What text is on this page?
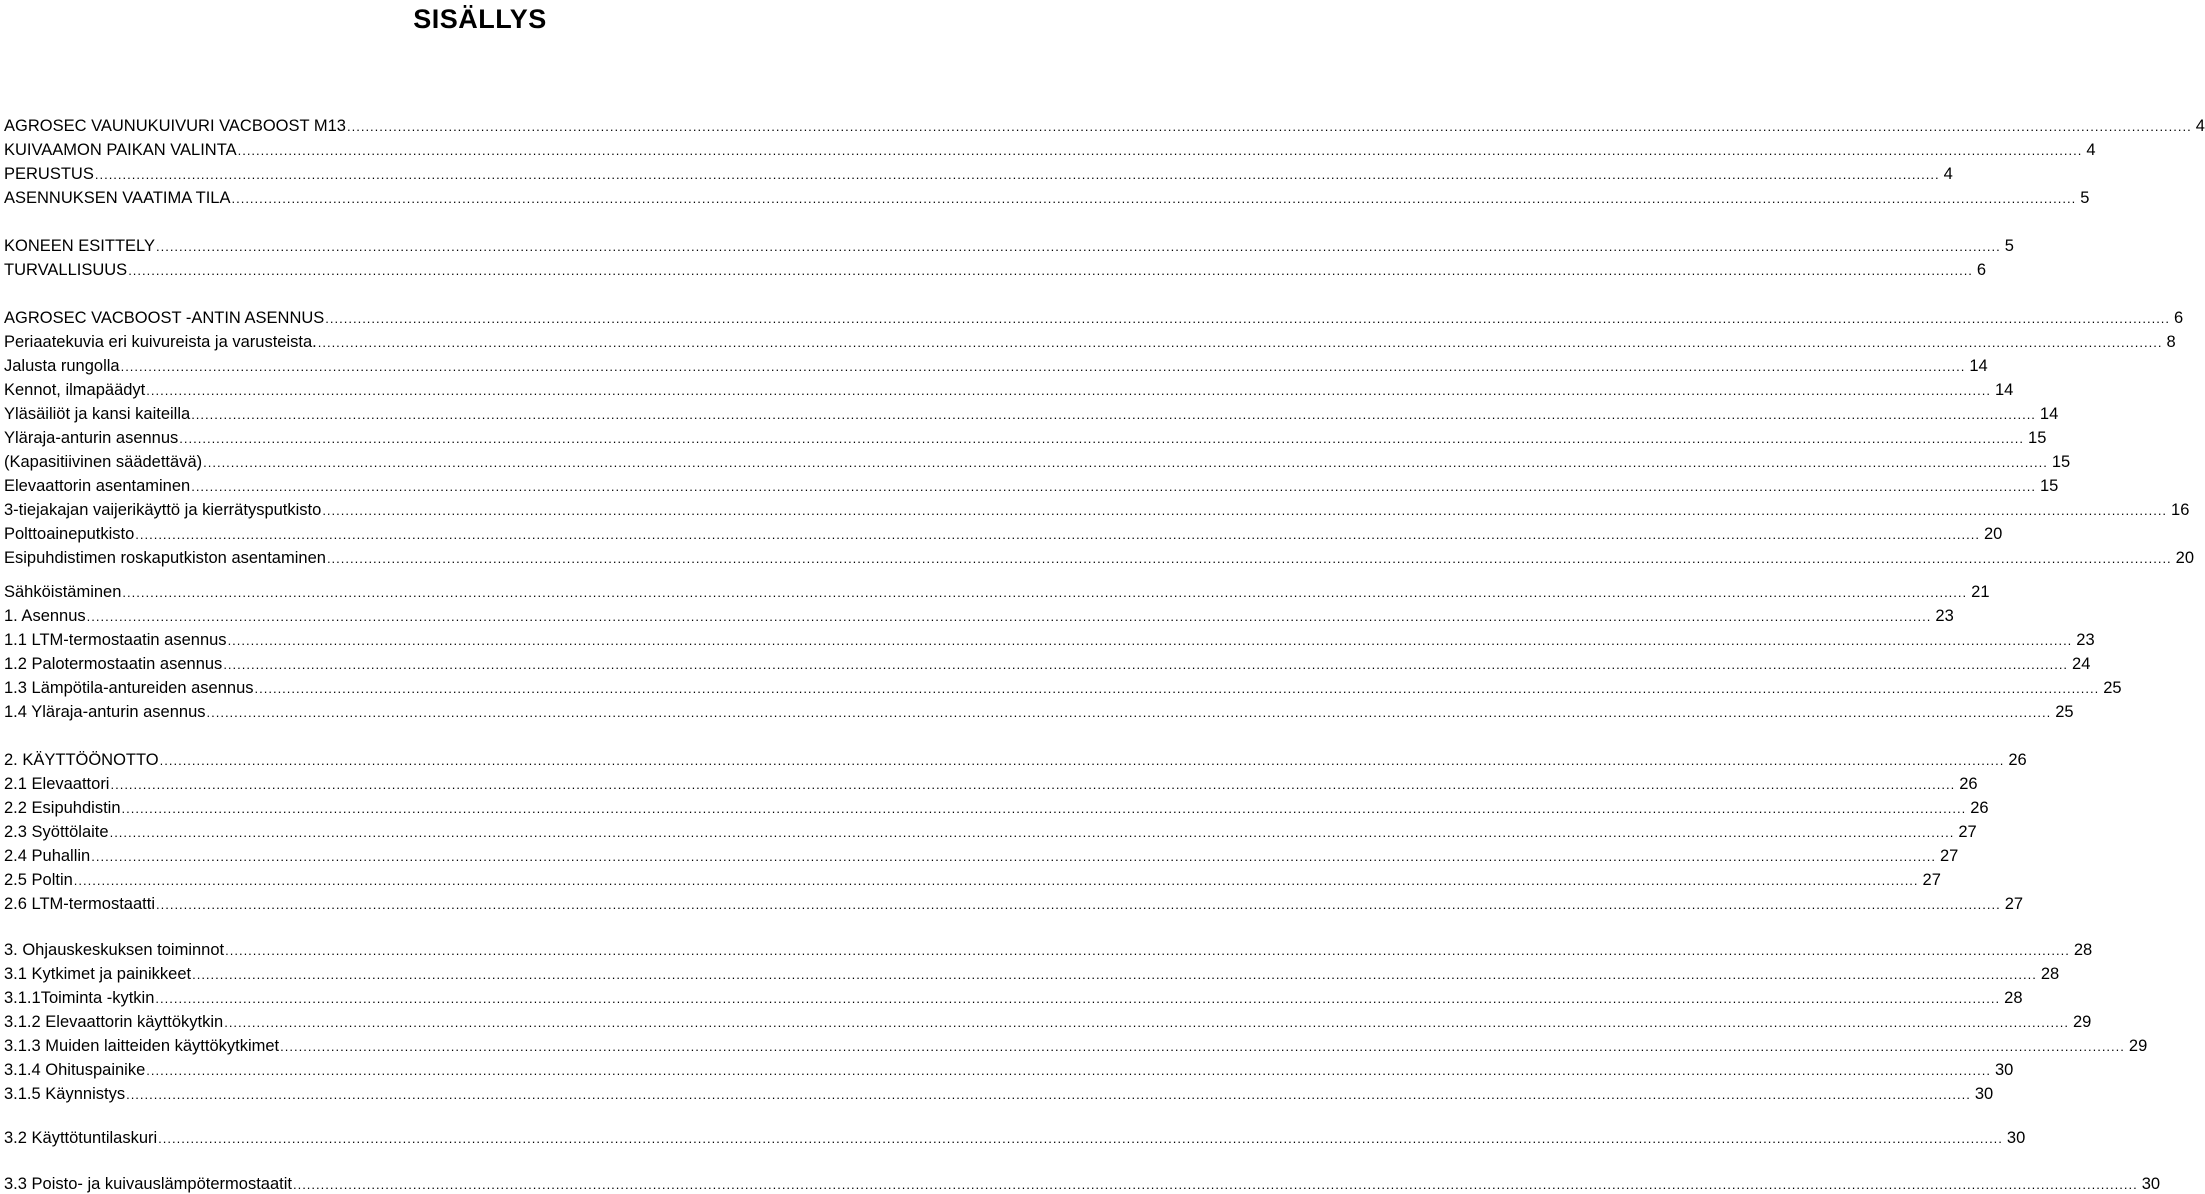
SISÄLLYS
AGROSEC VAUNUKUIVURI VACBOOST M13 ................................................................................................................................................................................................................................................................................................................................................................................................................ 4
KUIVAAMON PAIKAN VALINTA ................................................................................................................................................................................................................................................................................................................................................................................................................ 4
PERUSTUS ................................................................................................................................................................................................................................................................................................................................................................................................................ 4
ASENNUKSEN VAATIMA TILA ................................................................................................................................................................................................................................................................................................................................................................................................................ 5
KONEEN ESITTELY ................................................................................................................................................................................................................................................................................................................................................................................................................ 5
TURVALLISUUS ................................................................................................................................................................................................................................................................................................................................................................................................................ 6
AGROSEC VACBOOST -ANTIN ASENNUS ................................................................................................................................................................................................................................................................................................................................................................................................................ 6
Periaatekuvia eri kuivureista ja varusteista. ................................................................................................................................................................................................................................................................................................................................................................................................................ 8
Jalusta rungolla ................................................................................................................................................................................................................................................................................................................................................................................................................ 14
Kennot, ilmapäädyt ................................................................................................................................................................................................................................................................................................................................................................................................................ 14
Yläsäiliöt ja kansi kaiteilla ................................................................................................................................................................................................................................................................................................................................................................................................................ 14
Yläraja-anturin asennus ................................................................................................................................................................................................................................................................................................................................................................................................................ 15
(Kapasitiivinen säädettävä) ................................................................................................................................................................................................................................................................................................................................................................................................................ 15
Elevaattorin asentaminen ................................................................................................................................................................................................................................................................................................................................................................................................................ 15
3-tiejakajan vaijerikäyttö ja kierrätysputkisto ................................................................................................................................................................................................................................................................................................................................................................................................................ 16
Polttoaineputkisto ................................................................................................................................................................................................................................................................................................................................................................................................................ 20
Esipuhdistimen roskaputkiston asentaminen ................................................................................................................................................................................................................................................................................................................................................................................................................ 20
Sähköistäminen ................................................................................................................................................................................................................................................................................................................................................................................................................ 21
1. Asennus ................................................................................................................................................................................................................................................................................................................................................................................................................ 23
1.1 LTM-termostaatin asennus ................................................................................................................................................................................................................................................................................................................................................................................................................ 23
1.2 Palotermostaatin asennus ................................................................................................................................................................................................................................................................................................................................................................................................................ 24
1.3 Lämpötila-antureiden asennus ................................................................................................................................................................................................................................................................................................................................................................................................................ 25
1.4 Yläraja-anturin asennus ................................................................................................................................................................................................................................................................................................................................................................................................................ 25
2. KÄYTTÖÖNOTTO ................................................................................................................................................................................................................................................................................................................................................................................................................ 26
2.1 Elevaattori ................................................................................................................................................................................................................................................................................................................................................................................................................ 26
2.2 Esipuhdistin ................................................................................................................................................................................................................................................................................................................................................................................................................ 26
2.3 Syöttölaite ................................................................................................................................................................................................................................................................................................................................................................................................................ 27
2.4 Puhallin ................................................................................................................................................................................................................................................................................................................................................................................................................ 27
2.5 Poltin ................................................................................................................................................................................................................................................................................................................................................................................................................ 27
2.6 LTM-termostaatti ................................................................................................................................................................................................................................................................................................................................................................................................................ 27
3. Ohjauskeskuksen toiminnot ................................................................................................................................................................................................................................................................................................................................................................................................................ 28
3.1 Kytkimet ja painikkeet ................................................................................................................................................................................................................................................................................................................................................................................................................ 28
3.1.1Toiminta -kytkin ................................................................................................................................................................................................................................................................................................................................................................................................................ 28
3.1.2 Elevaattorin käyttökytkin ................................................................................................................................................................................................................................................................................................................................................................................................................ 29
3.1.3 Muiden laitteiden käyttökytkimet ................................................................................................................................................................................................................................................................................................................................................................................................................ 29
3.1.4 Ohituspainike ................................................................................................................................................................................................................................................................................................................................................................................................................ 30
3.1.5 Käynnistys ................................................................................................................................................................................................................................................................................................................................................................................................................ 30
3.2 Käyttötuntilaskuri ................................................................................................................................................................................................................................................................................................................................................................................................................ 30
3.3 Poisto- ja kuivauslämpötermostaatit ................................................................................................................................................................................................................................................................................................................................................................................................................ 30
